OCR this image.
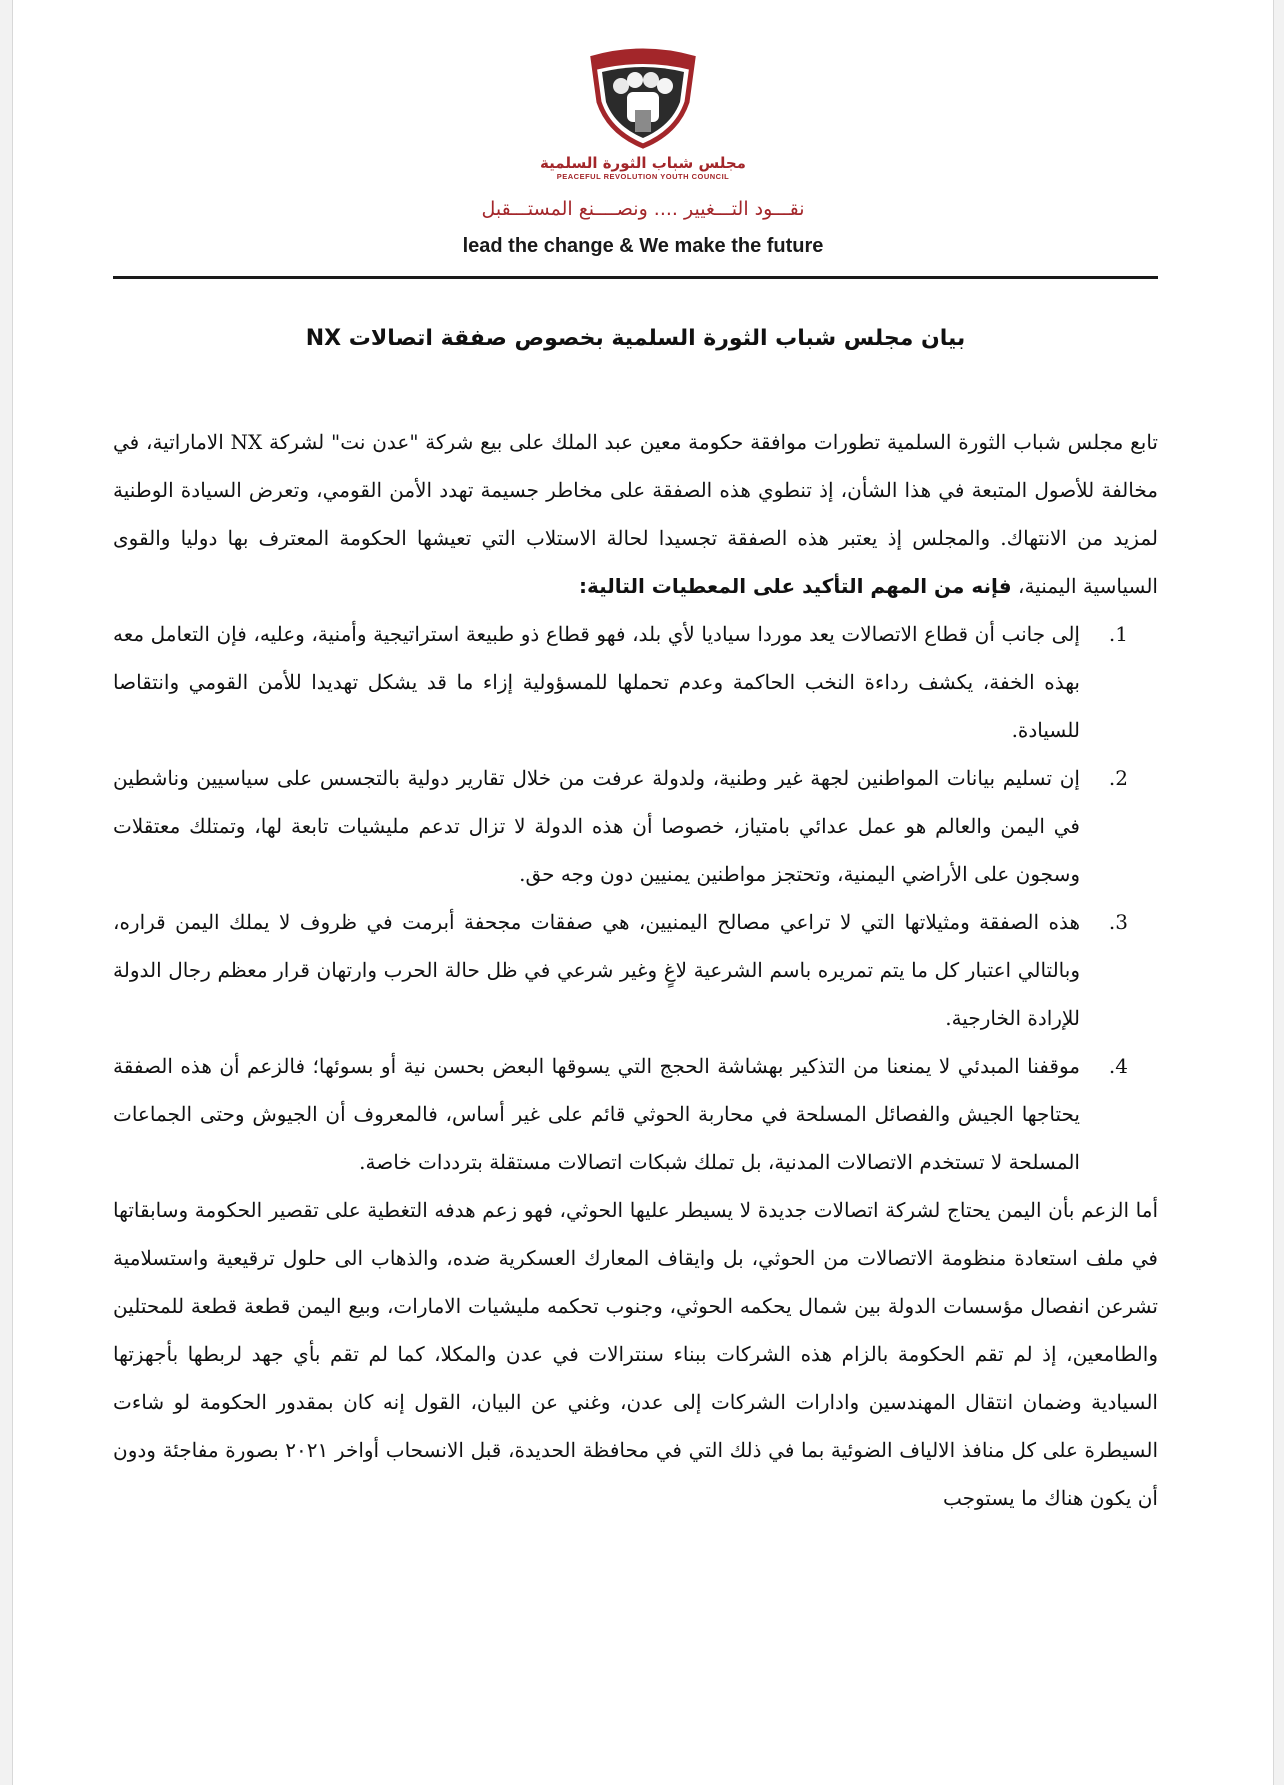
مجلس شباب الثورة السلمية
PEACEFUL REVOLUTION YOUTH COUNCIL
نقـــود التـــغيير .... ونصــــنع المستـــقبل
lead the change & We make the future
بيان مجلس شباب الثورة السلمية بخصوص صفقة اتصالات NX

تابع مجلس شباب الثورة السلمية تطورات موافقة حكومة معين عبد الملك على بيع شركة "عدن نت" لشركة NX الاماراتية، في مخالفة للأصول المتبعة في هذا الشأن، إذ تنطوي هذه الصفقة على مخاطر جسيمة تهدد الأمن القومي، وتعرض السيادة الوطنية لمزيد من الانتهاك. والمجلس إذ يعتبر هذه الصفقة تجسيدا لحالة الاستلاب التي تعيشها الحكومة المعترف بها دوليا والقوى السياسية اليمنية، فإنه من المهم التأكيد على المعطيات التالية:

1.
إلى جانب أن قطاع الاتصالات يعد موردا سياديا لأي بلد، فهو قطاع ذو طبيعة استراتيجية وأمنية، وعليه، فإن التعامل معه بهذه الخفة، يكشف رداءة النخب الحاكمة وعدم تحملها للمسؤولية إزاء ما قد يشكل تهديدا للأمن القومي وانتقاصا للسيادة.
2.
إن تسليم بيانات المواطنين لجهة غير وطنية، ولدولة عرفت من خلال تقارير دولية بالتجسس على سياسيين وناشطين في اليمن والعالم هو عمل عدائي بامتياز، خصوصا أن هذه الدولة لا تزال تدعم مليشيات تابعة لها، وتمتلك معتقلات وسجون على الأراضي اليمنية، وتحتجز مواطنين يمنيين دون وجه حق.
3.
هذه الصفقة ومثيلاتها التي لا تراعي مصالح اليمنيين، هي صفقات مجحفة أبرمت في ظروف لا يملك اليمن قراره، وبالتالي اعتبار كل ما يتم تمريره باسم الشرعية لاغٍ وغير شرعي في ظل حالة الحرب وارتهان قرار معظم رجال الدولة للإرادة الخارجية.
4.
موقفنا المبدئي لا يمنعنا من التذكير بهشاشة الحجج التي يسوقها البعض بحسن نية أو بسوئها؛ فالزعم أن هذه الصفقة يحتاجها الجيش والفصائل المسلحة في محاربة الحوثي قائم على غير أساس، فالمعروف أن الجيوش وحتى الجماعات المسلحة لا تستخدم الاتصالات المدنية، بل تملك شبكات اتصالات مستقلة بترددات خاصة.

أما الزعم بأن اليمن يحتاج لشركة اتصالات جديدة لا يسيطر عليها الحوثي، فهو زعم هدفه التغطية على تقصير الحكومة وسابقاتها في ملف استعادة منظومة الاتصالات من الحوثي، بل وايقاف المعارك العسكرية ضده، والذهاب الى حلول ترقيعية واستسلامية تشرعن انفصال مؤسسات الدولة بين شمال يحكمه الحوثي، وجنوب تحكمه مليشيات الامارات، وبيع اليمن قطعة قطعة للمحتلين والطامعين، إذ لم تقم الحكومة بالزام هذه الشركات ببناء سنترالات في عدن والمكلا، كما لم تقم بأي جهد لربطها بأجهزتها السيادية وضمان انتقال المهندسين وادارات الشركات إلى عدن، وغني عن البيان، القول إنه كان بمقدور الحكومة لو شاءت السيطرة على كل منافذ الالياف الضوئية بما في ذلك التي في محافظة الحديدة، قبل الانسحاب أواخر ٢٠٢١ بصورة مفاجئة ودون أن يكون هناك ما يستوجب
